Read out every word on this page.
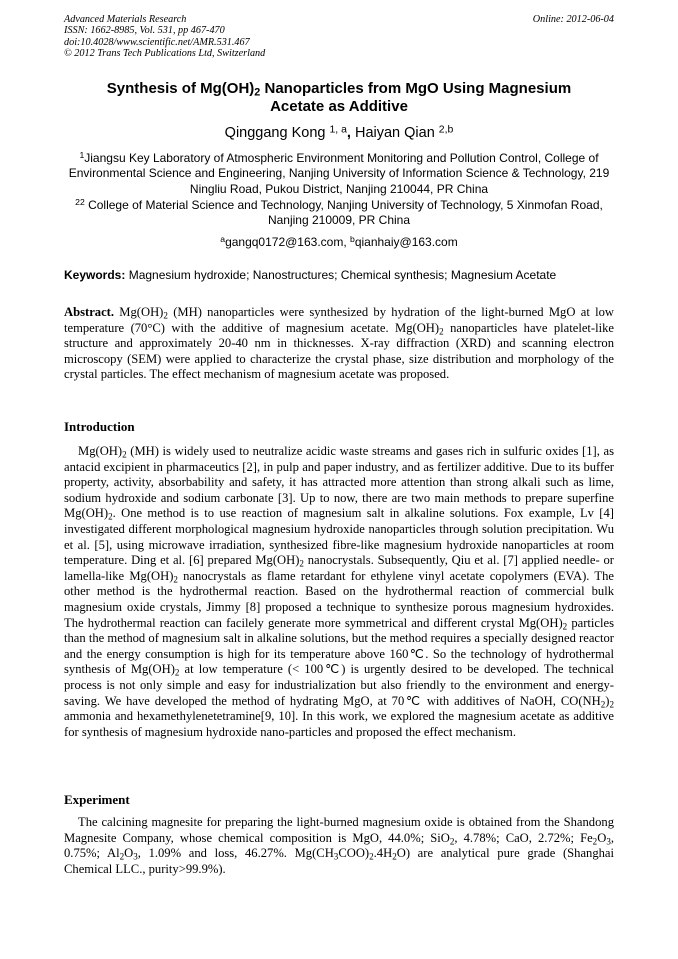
Advanced Materials Research
ISSN: 1662-8985, Vol. 531, pp 467-470
doi:10.4028/www.scientific.net/AMR.531.467
© 2012 Trans Tech Publications Ltd, Switzerland
Online: 2012-06-04
Synthesis of $Mg(OH)_2$ Nanoparticles from MgO Using Magnesium
Acetate as Additive
Qinggang Kong $^{1, a}$, Haiyan Qian $^{2,b}$
$^1$Jiangsu Key Laboratory of Atmospheric Environment Monitoring and Pollution Control, College of Environmental Science and Engineering, Nanjing University of Information Science & Technology, 219 Ningliu Road, Pukou District, Nanjing 210044, PR China
$^{22}$ College of Material Science and Technology, Nanjing University of Technology, 5 Xinmofan Road, Nanjing 210009, PR China
$^a$gangq0172@163.com, $^b$qianhaiy@163.com
Keywords: Magnesium hydroxide; Nanostructures; Chemical synthesis; Magnesium Acetate
Abstract. $Mg(OH)_2$ (MH) nanoparticles were synthesized by hydration of the light-burned MgO at low temperature (70°C) with the additive of magnesium acetate. $Mg(OH)_2$ nanoparticles have platelet-like structure and approximately 20-40 nm in thicknesses. X-ray diffraction (XRD) and scanning electron microscopy (SEM) were applied to characterize the crystal phase, size distribution and morphology of the crystal particles. The effect mechanism of magnesium acetate was proposed.
Introduction
$Mg(OH)_2$ (MH) is widely used to neutralize acidic waste streams and gases rich in sulfuric oxides [1], as antacid excipient in pharmaceutics [2], in pulp and paper industry, and as fertilizer additive. Due to its buffer property, activity, absorbability and safety, it has attracted more attention than strong alkali such as lime, sodium hydroxide and sodium carbonate [3]. Up to now, there are two main methods to prepare superfine $Mg(OH)_2$. One method is to use reaction of magnesium salt in alkaline solutions. Fox example, Lv [4] investigated different morphological magnesium hydroxide nanoparticles through solution precipitation. Wu et al. [5], using microwave irradiation, synthesized fibre-like magnesium hydroxide nanoparticles at room temperature. Ding et al. [6] prepared $Mg(OH)_2$ nanocrystals. Subsequently, Qiu et al. [7] applied needle- or lamella-like $Mg(OH)_2$ nanocrystals as flame retardant for ethylene vinyl acetate copolymers (EVA). The other method is the hydrothermal reaction. Based on the hydrothermal reaction of commercial bulk magnesium oxide crystals, Jimmy [8] proposed a technique to synthesize porous magnesium hydroxides. The hydrothermal reaction can facilely generate more symmetrical and different crystal $Mg(OH)_2$ particles than the method of magnesium salt in alkaline solutions, but the method requires a specially designed reactor and the energy consumption is high for its temperature above 160℃. So the technology of hydrothermal synthesis of $Mg(OH)_2$ at low temperature (< 100℃) is urgently desired to be developed. The technical process is not only simple and easy for industrialization but also friendly to the environment and energy-saving. We have developed the method of hydrating MgO, at 70℃ with additives of NaOH, $CO(NH_2)_2$ ammonia and hexamethylenetetramine[9, 10]. In this work, we explored the magnesium acetate as additive for synthesis of magnesium hydroxide nano-particles and proposed the effect mechanism.
Experiment
The calcining magnesite for preparing the light-burned magnesium oxide is obtained from the Shandong Magnesite Company, whose chemical composition is MgO, 44.0%; SiO$_2$, 4.78%; CaO, 2.72%; $Fe_2O_3$, 0.75%; $Al_2O_3$, 1.09% and loss, 46.27%. $Mg(CH_3COO)_2.4H_2O$) are analytical pure grade (Shanghai Chemical LLC., purity>99.9%).
